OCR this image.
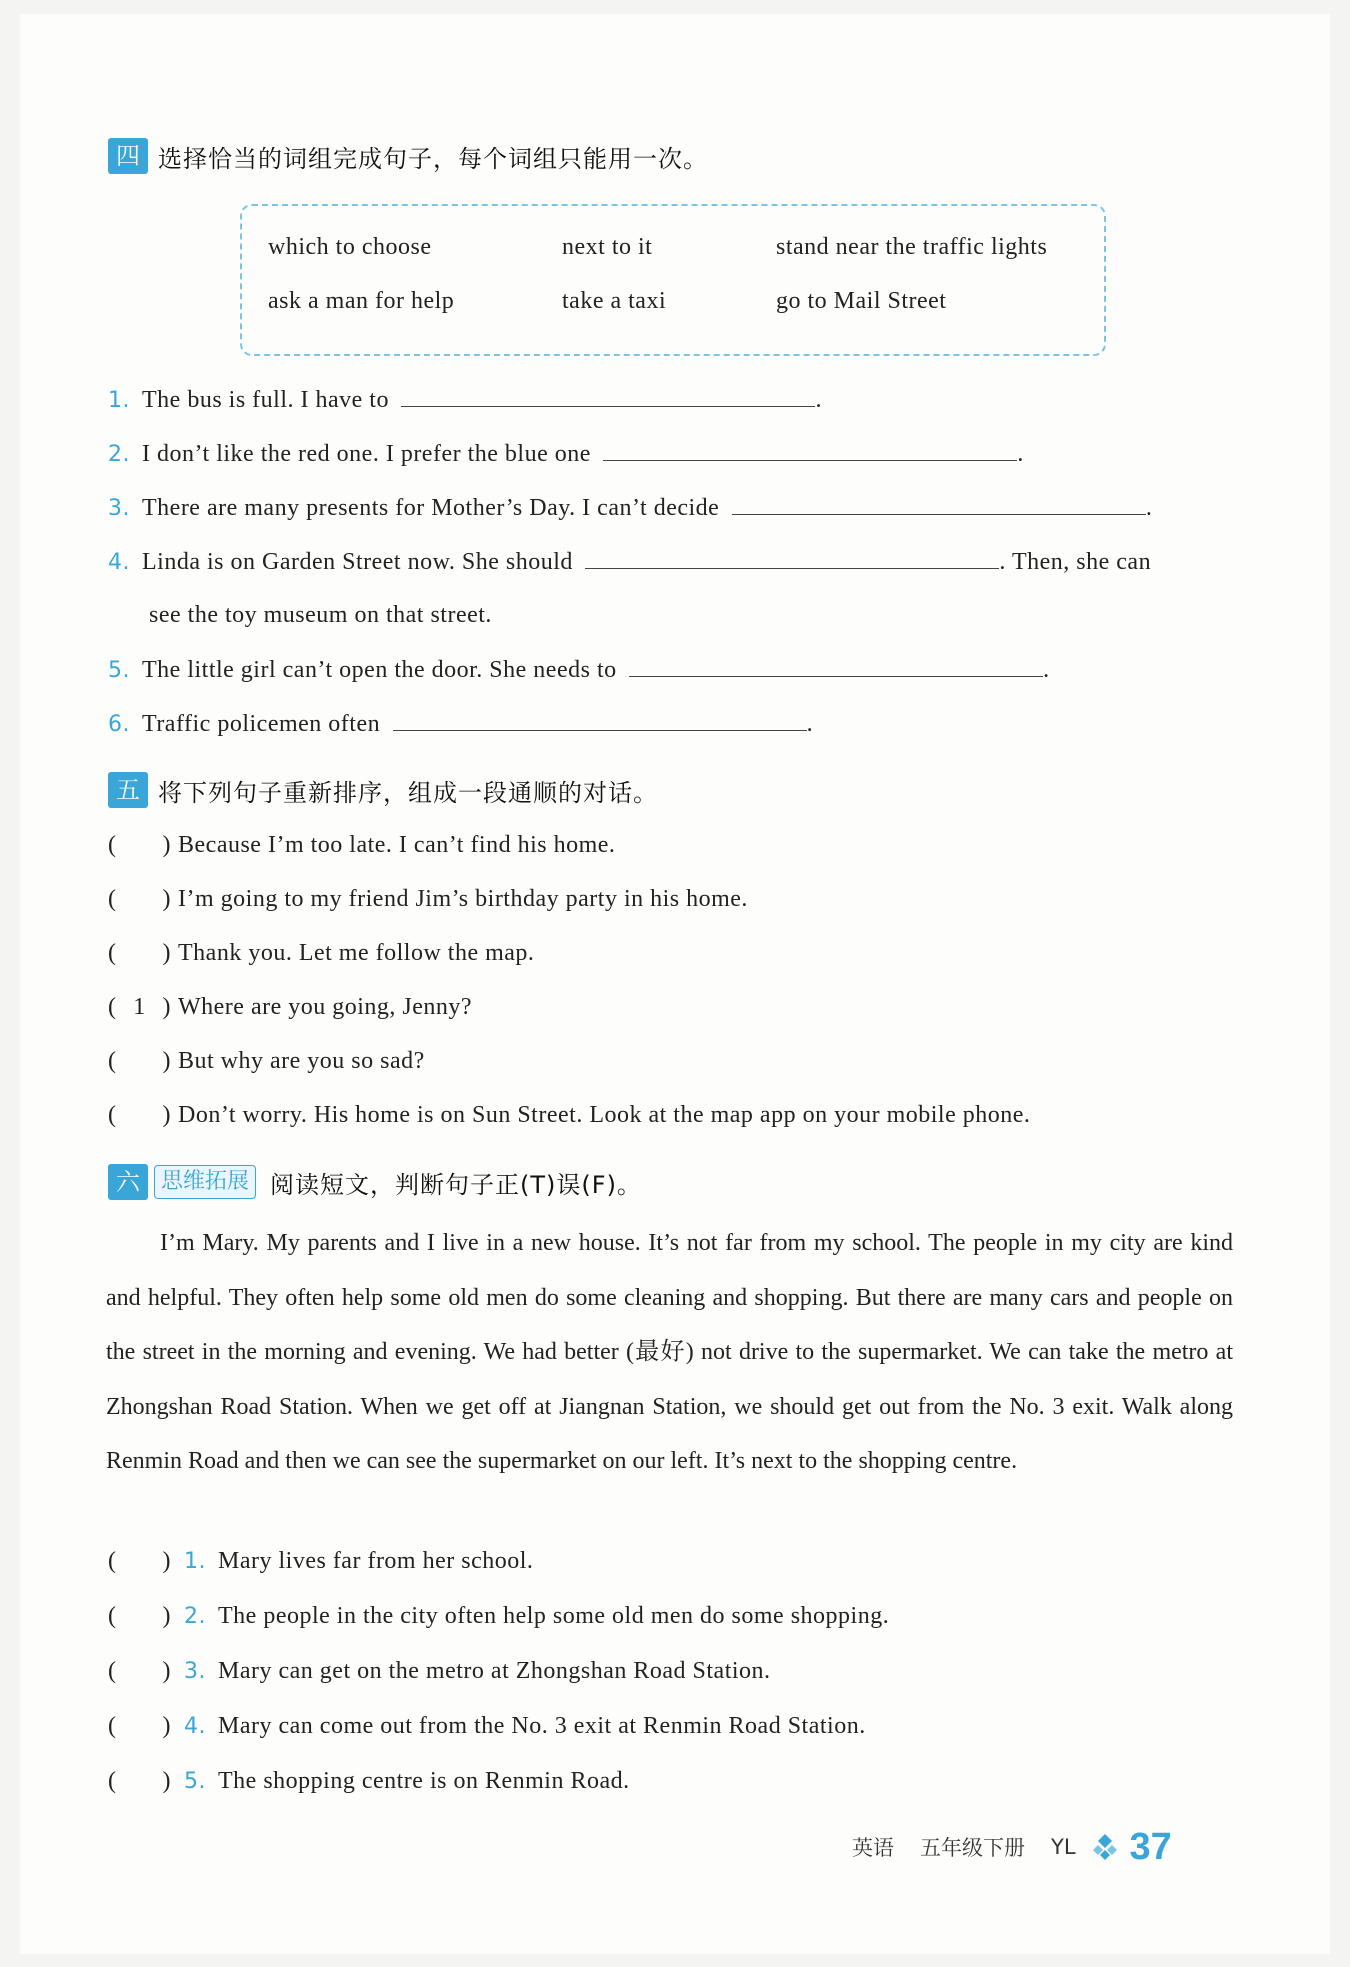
四 选择恰当的词组完成句子，每个词组只能用一次。
which to choose	next to it	stand near the traffic lights
ask a man for help	take a taxi	go to Mail Street
1. The bus is full. I have to	.
2. I don’t like the red one. I prefer the blue one	.
3. There are many presents for Mother’s Day. I can’t decide	.
4. Linda is on Garden Street now. She should	. Then, she can
see the toy museum on that street.
5. The little girl can’t open the door. She needs to	.
6. Traffic policemen often	.
五 将下列句子重新排序，组成一段通顺的对话。
( ) Because I’m too late. I can’t find his home.
( ) I’m going to my friend Jim’s birthday party in his home.
( ) Thank you. Let me follow the map.
( 1 ) Where are you going, Jenny?
( ) But why are you so sad?
( ) Don’t worry. His home is on Sun Street. Look at the map app on your mobile phone.
六 思维拓展 阅读短文，判断句子正(T)误(F)。
I’m Mary. My parents and I live in a new house. It’s not far from my school. The people in my city are kind and helpful. They often help some old men do some cleaning and shopping. But there are many cars and people on the street in the morning and evening. We had better (最好) not drive to the supermarket. We can take the metro at Zhongshan Road Station. When we get off at Jiangnan Station, we should get out from the No. 3 exit. Walk along Renmin Road and then we can see the supermarket on our left. It’s next to the shopping centre.
( ) 1. Mary lives far from her school.
( ) 2. The people in the city often help some old men do some shopping.
( ) 3. Mary can get on the metro at Zhongshan Road Station.
( ) 4. Mary can come out from the No. 3 exit at Renmin Road Station.
( ) 5. The shopping centre is on Renmin Road.
英语 五年级下册 YL 37
